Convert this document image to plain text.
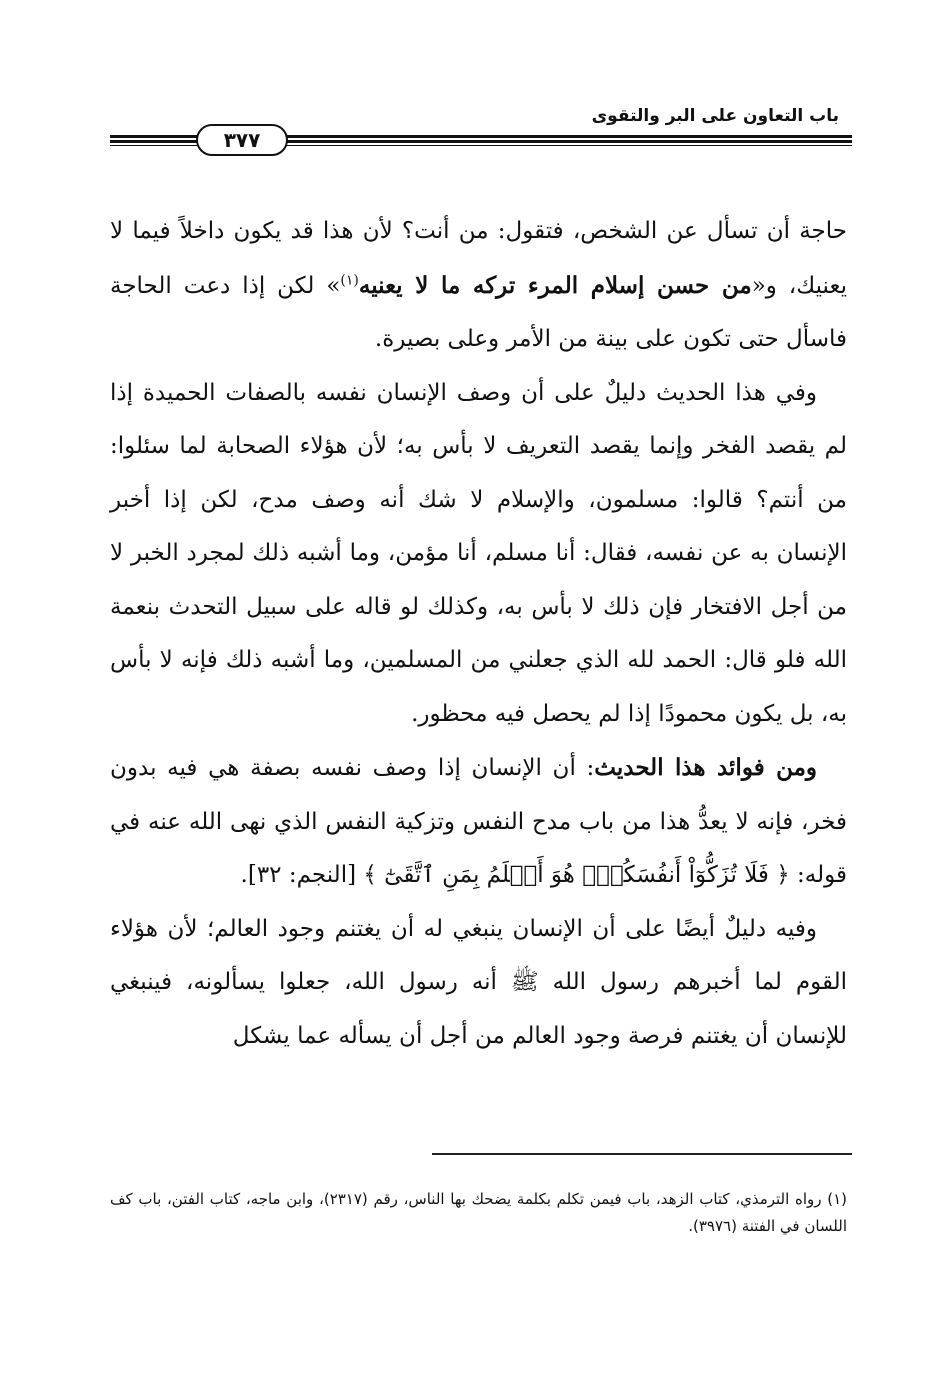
باب التعاون على البر والتقوى
٣٧٧

حاجة أن تسأل عن الشخص، فتقول: من أنت؟ لأن هذا قد يكون داخلاً فيما لا يعنيك، و«من حسن إسلام المرء تركه ما لا يعنيه$^{(١)}$» لكن إذا دعت الحاجة فاسأل حتى تكون على بينة من الأمر وعلى بصيرة.

وفي هذا الحديث دليلٌ على أن وصف الإنسان نفسه بالصفات الحميدة إذا لم يقصد الفخر وإنما يقصد التعريف لا بأس به؛ لأن هؤلاء الصحابة لما سئلوا: من أنتم؟ قالوا: مسلمون، والإسلام لا شك أنه وصف مدح، لكن إذا أخبر الإنسان به عن نفسه، فقال: أنا مسلم، أنا مؤمن، وما أشبه ذلك لمجرد الخبر لا من أجل الافتخار فإن ذلك لا بأس به، وكذلك لو قاله على سبيل التحدث بنعمة الله فلو قال: الحمد لله الذي جعلني من المسلمين، وما أشبه ذلك فإنه لا بأس به، بل يكون محمودًا إذا لم يحصل فيه محظور.

ومن فوائد هذا الحديث: أن الإنسان إذا وصف نفسه بصفة هي فيه بدون فخر، فإنه لا يعدُّ هذا من باب مدح النفس وتزكية النفس الذي نهى الله عنه في قوله: ﴿ فَلَا تُزَكُّوٓاْ أَنفُسَكُمْۖ هُوَ أَعۡلَمُ بِمَنِ ٱتَّقَىٰٓ ﴾ [النجم: ٣٢].

وفيه دليلٌ أيضًا على أن الإنسان ينبغي له أن يغتنم وجود العالم؛ لأن هؤلاء القوم لما أخبرهم رسول الله ﷺ أنه رسول الله، جعلوا يسألونه، فينبغي للإنسان أن يغتنم فرصة وجود العالم من أجل أن يسأله عما يشكل

(١) رواه الترمذي، كتاب الزهد، باب فيمن تكلم بكلمة يضحك بها الناس، رقم (٢٣١٧)، وابن ماجه، كتاب الفتن، باب كف اللسان في الفتنة (٣٩٧٦).
